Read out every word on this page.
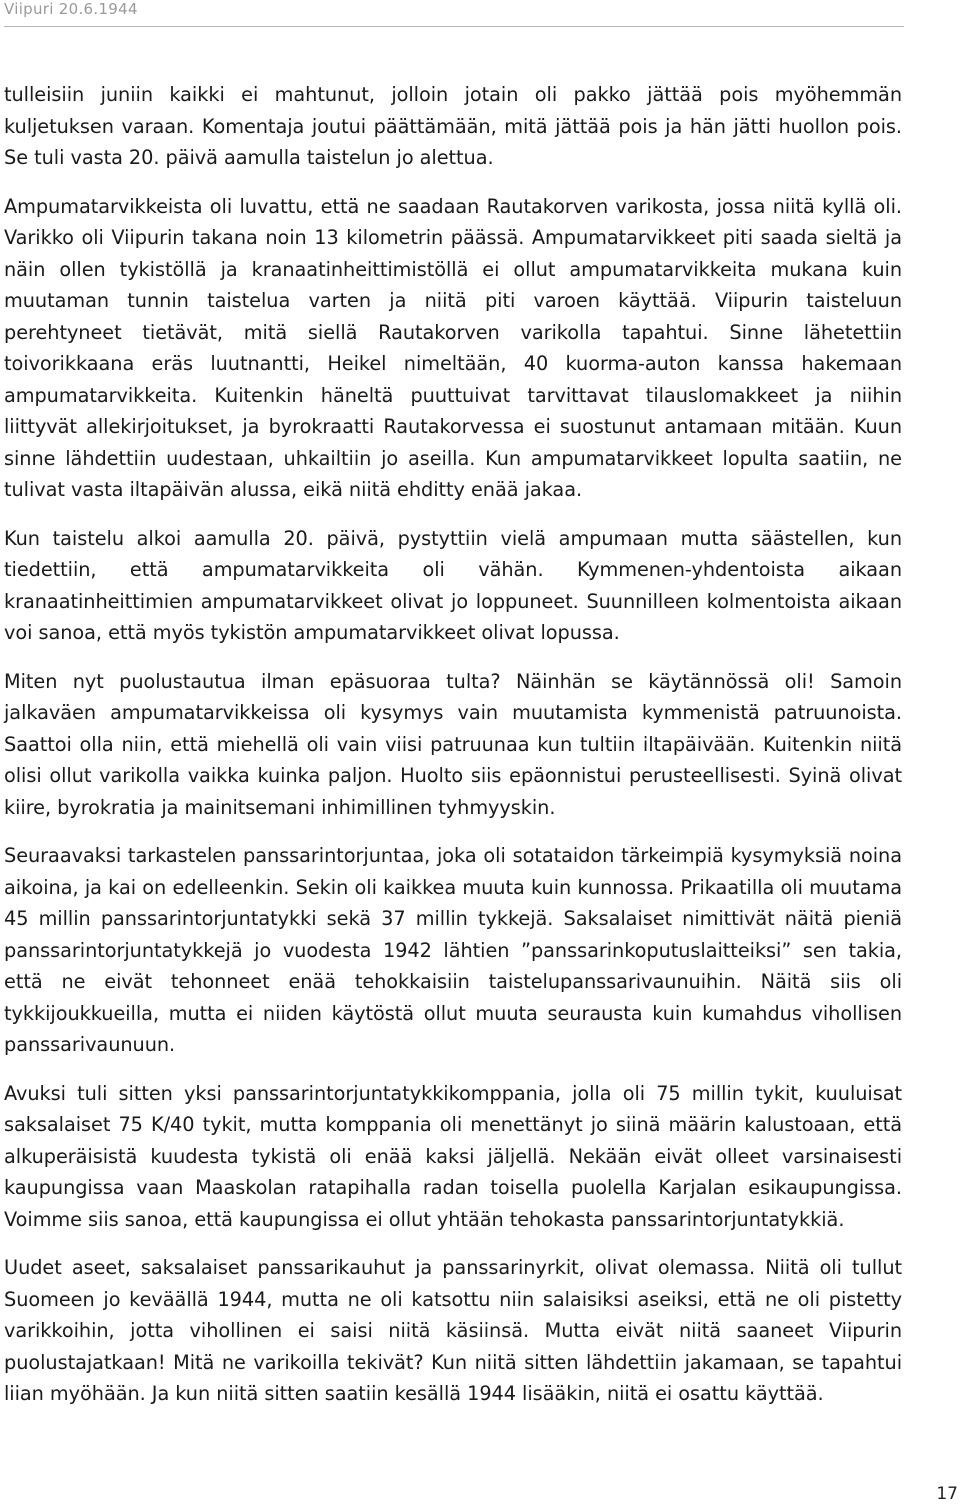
Viipuri 20.6.1944

tulleisiin juniin kaikki ei mahtunut, jolloin jotain oli pakko jättää pois myöhemmän kuljetuksen varaan. Komentaja joutui päättämään, mitä jättää pois ja hän jätti huollon pois. Se tuli vasta 20. päivä aamulla taistelun jo alettua.

Ampumatarvikkeista oli luvattu, että ne saadaan Rautakorven varikosta, jossa niitä kyllä oli. Varikko oli Viipurin takana noin 13 kilometrin päässä. Ampumatarvikkeet piti saada sieltä ja näin ollen tykistöllä ja kranaatinheittimistöllä ei ollut ampumatarvikkeita mukana kuin muutaman tunnin taistelua varten ja niitä piti varoen käyttää. Viipurin taisteluun perehtyneet tietävät, mitä siellä Rautakorven varikolla tapahtui. Sinne lähetettiin toivorikkaana eräs luutnantti, Heikel nimeltään, 40 kuorma-auton kanssa hakemaan ampumatarvikkeita. Kuitenkin häneltä puuttuivat tarvittavat tilauslomakkeet ja niihin liittyvät allekirjoitukset, ja byrokraatti Rautakorvessa ei suostunut antamaan mitään. Kuun sinne lähdettiin uudestaan, uhkailtiin jo aseilla. Kun ampumatarvikkeet lopulta saatiin, ne tulivat vasta iltapäivän alussa, eikä niitä ehditty enää jakaa.

Kun taistelu alkoi aamulla 20. päivä, pystyttiin vielä ampumaan mutta säästellen, kun tiedettiin, että ampumatarvikkeita oli vähän. Kymmenen-yhdentoista aikaan kranaatinheittimien ampumatarvikkeet olivat jo loppuneet. Suunnilleen kolmentoista aikaan voi sanoa, että myös tykistön ampumatarvikkeet olivat lopussa.

Miten nyt puolustautua ilman epäsuoraa tulta? Näinhän se käytännössä oli! Samoin jalkaväen ampumatarvikkeissa oli kysymys vain muutamista kymmenistä patruunoista. Saattoi olla niin, että miehellä oli vain viisi patruunaa kun tultiin iltapäivään. Kuitenkin niitä olisi ollut varikolla vaikka kuinka paljon. Huolto siis epäonnistui perusteellisesti. Syinä olivat kiire, byrokratia ja mainitsemani inhimillinen tyhmyyskin.

Seuraavaksi tarkastelen panssarintorjuntaa, joka oli sotataidon tärkeimpiä kysymyksiä noina aikoina, ja kai on edelleenkin. Sekin oli kaikkea muuta kuin kunnossa. Prikaatilla oli muutama 45 millin panssarintorjuntatykki sekä 37 millin tykkejä. Saksalaiset nimittivät näitä pieniä panssarintorjuntatykkejä jo vuodesta 1942 lähtien ”panssarinkoputuslaitteiksi” sen takia, että ne eivät tehonneet enää tehokkaisiin taistelupanssarivaunuihin. Näitä siis oli tykkijoukkueilla, mutta ei niiden käytöstä ollut muuta seurausta kuin kumahdus vihollisen panssarivaunuun.

Avuksi tuli sitten yksi panssarintorjuntatykkikomppania, jolla oli 75 millin tykit, kuuluisat saksalaiset 75 K/40 tykit, mutta komppania oli menettänyt jo siinä määrin kalustoaan, että alkuperäisistä kuudesta tykistä oli enää kaksi jäljellä. Nekään eivät olleet varsinaisesti kaupungissa vaan Maaskolan ratapihalla radan toisella puolella Karjalan esikaupungissa. Voimme siis sanoa, että kaupungissa ei ollut yhtään tehokasta panssarintorjuntatykkiä.

Uudet aseet, saksalaiset panssarikauhut ja panssarinyrkit, olivat olemassa. Niitä oli tullut Suomeen jo keväällä 1944, mutta ne oli katsottu niin salaisiksi aseiksi, että ne oli pistetty varikkoihin, jotta vihollinen ei saisi niitä käsiinsä. Mutta eivät niitä saaneet Viipurin puolustajatkaan! Mitä ne varikoilla tekivät? Kun niitä sitten lähdettiin jakamaan, se tapahtui liian myöhään. Ja kun niitä sitten saatiin kesällä 1944 lisääkin, niitä ei osattu käyttää.

17
